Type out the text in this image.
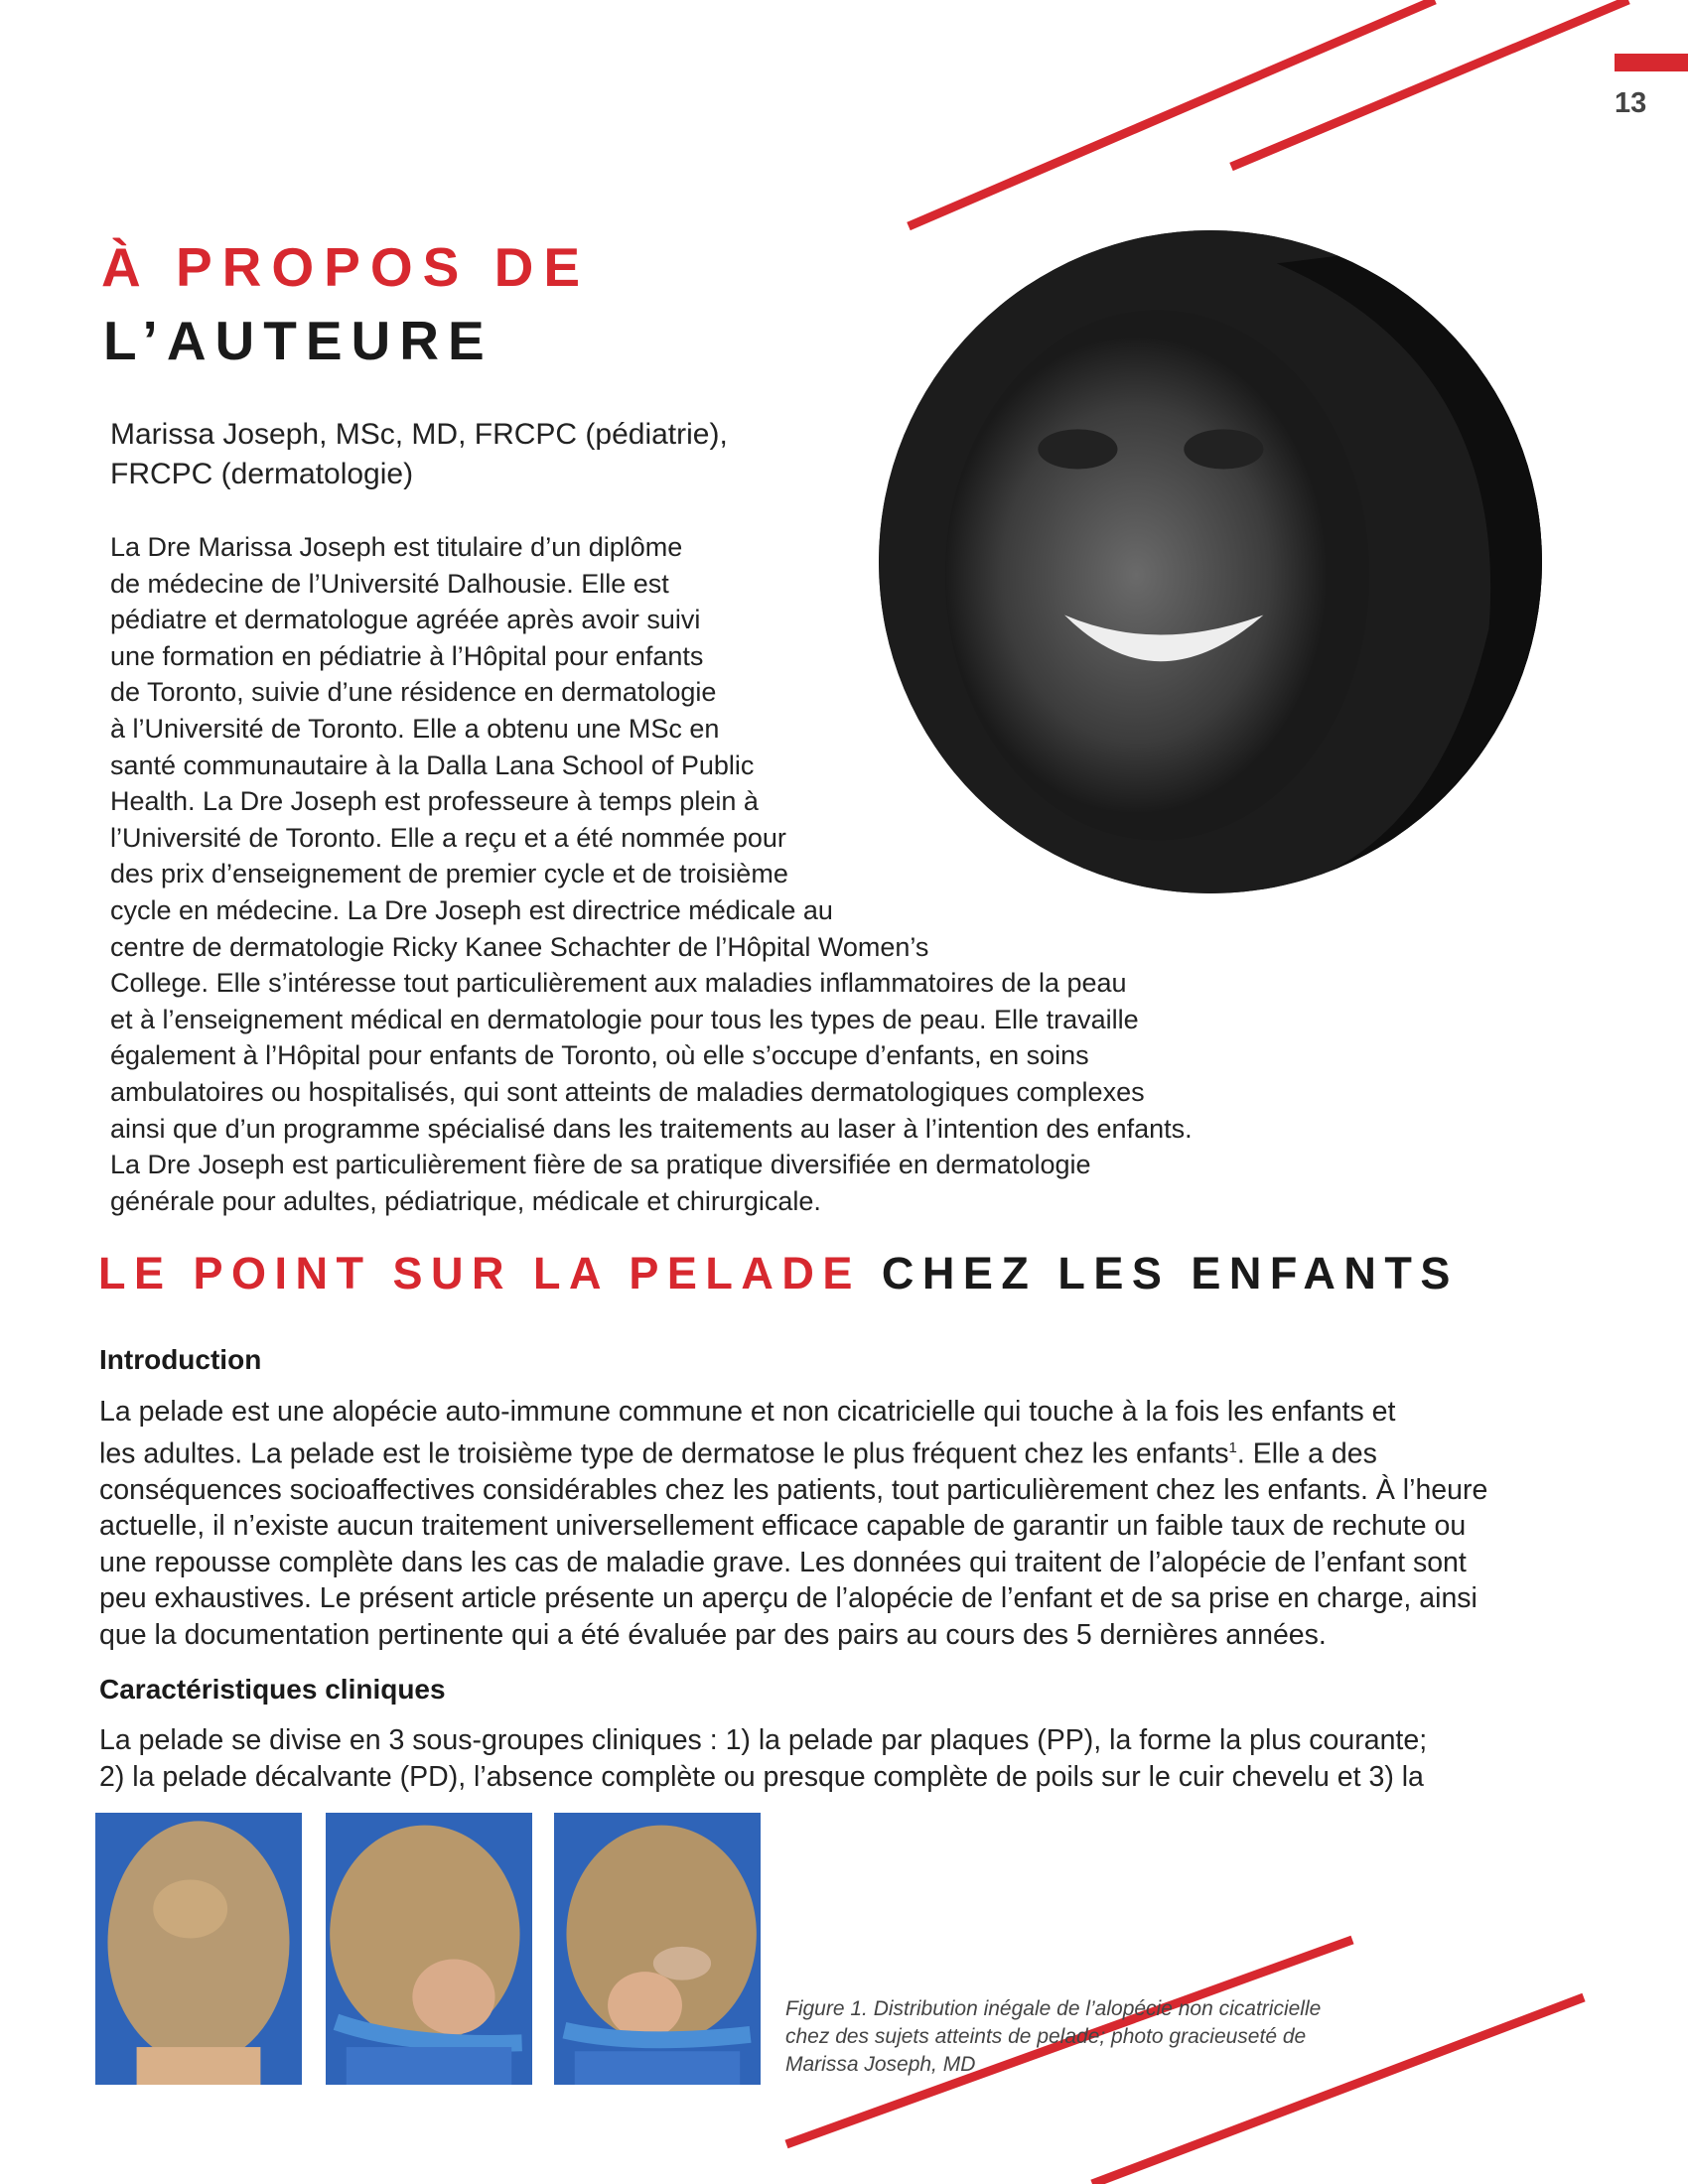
13
À PROPOS DE
L’AUTEURE
Marissa Joseph, MSc, MD, FRCPC (pédiatrie),
FRCPC (dermatologie)
La Dre Marissa Joseph est titulaire d’un diplôme
de médecine de l’Université Dalhousie. Elle est
pédiatre et dermatologue agréée après avoir suivi
une formation en pédiatrie à l’Hôpital pour enfants
de Toronto, suivie d’une résidence en dermatologie
à l’Université de Toronto. Elle a obtenu une MSc en
santé communautaire à la Dalla Lana School of Public
Health. La Dre Joseph est professeure à temps plein à
l’Université de Toronto. Elle a reçu et a été nommée pour
des prix d’enseignement de premier cycle et de troisième
cycle en médecine. La Dre Joseph est directrice médicale au
centre de dermatologie Ricky Kanee Schachter de l’Hôpital Women’s
College. Elle s’intéresse tout particulièrement aux maladies inflammatoires de la peau
et à l’enseignement médical en dermatologie pour tous les types de peau. Elle travaille
également à l’Hôpital pour enfants de Toronto, où elle s’occupe d’enfants, en soins
ambulatoires ou hospitalisés, qui sont atteints de maladies dermatologiques complexes
ainsi que d’un programme spécialisé dans les traitements au laser à l’intention des enfants.
La Dre Joseph est particulièrement fière de sa pratique diversifiée en dermatologie
générale pour adultes, pédiatrique, médicale et chirurgicale.
LE POINT SUR LA PELADE CHEZ LES ENFANTS
Introduction
La pelade est une alopécie auto-immune commune et non cicatricielle qui touche à la fois les enfants et
les adultes. La pelade est le troisième type de dermatose le plus fréquent chez les enfants$^1$. Elle a des
conséquences socioaffectives considérables chez les patients, tout particulièrement chez les enfants. À l’heure
actuelle, il n’existe aucun traitement universellement efficace capable de garantir un faible taux de rechute ou
une repousse complète dans les cas de maladie grave. Les données qui traitent de l’alopécie de l’enfant sont
peu exhaustives. Le présent article présente un aperçu de l’alopécie de l’enfant et de sa prise en charge, ainsi
que la documentation pertinente qui a été évaluée par des pairs au cours des 5 dernières années.
Caractéristiques cliniques
La pelade se divise en 3 sous-groupes cliniques : 1) la pelade par plaques (PP), la forme la plus courante;
2) la pelade décalvante (PD), l’absence complète ou presque complète de poils sur le cuir chevelu et 3) la
Figure 1. Distribution inégale de l’alopécie non cicatricielle
chez des sujets atteints de pelade; photo gracieuseté de
Marissa Joseph, MD
